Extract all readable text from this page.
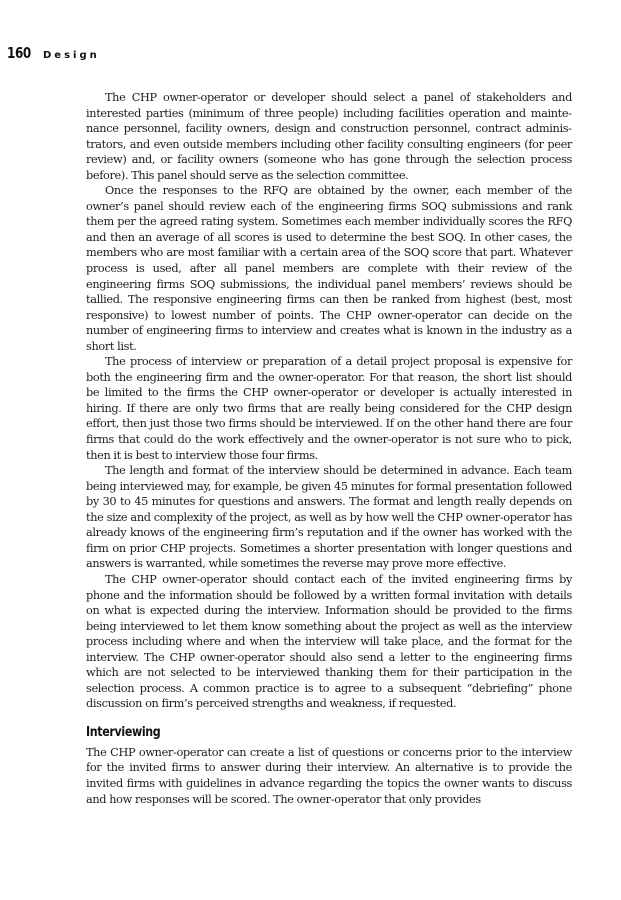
160 Design

The CHP owner-operator or developer should select a panel of stakeholders and interested parties (minimum of three people) including facilities operation and maintenance personnel, facility owners, design and construction personnel, contract administrators, and even outside members including other facility consulting engineers (for peer review) and, or facility owners (someone who has gone through the selection process before). This panel should serve as the selection committee.

Once the responses to the RFQ are obtained by the owner, each member of the owner’s panel should review each of the engineering firms SOQ submissions and rank them per the agreed rating system. Sometimes each member individually scores the RFQ and then an average of all scores is used to determine the best SOQ. In other cases, the members who are most familiar with a certain area of the SOQ score that part. Whatever process is used, after all panel members are complete with their review of the engineering firms SOQ submissions, the individual panel members’ reviews should be tallied. The responsive engineering firms can then be ranked from highest (best, most responsive) to lowest number of points. The CHP owner-operator can decide on the number of engineering firms to interview and creates what is known in the industry as a short list.

The process of interview or preparation of a detail project proposal is expensive for both the engineering firm and the owner-operator. For that reason, the short list should be limited to the firms the CHP owner-operator or developer is actually interested in hiring. If there are only two firms that are really being considered for the CHP design effort, then just those two firms should be interviewed. If on the other hand there are four firms that could do the work effectively and the owner-operator is not sure who to pick, then it is best to interview those four firms.

The length and format of the interview should be determined in advance. Each team being interviewed may, for example, be given 45 minutes for formal presentation followed by 30 to 45 minutes for questions and answers. The format and length really depends on the size and complexity of the project, as well as by how well the CHP owner-operator has already knows of the engineering firm’s reputation and if the owner has worked with the firm on prior CHP projects. Sometimes a shorter presentation with longer questions and answers is warranted, while sometimes the reverse may prove more effective.

The CHP owner-operator should contact each of the invited engineering firms by phone and the information should be followed by a written formal invitation with details on what is expected during the interview. Information should be provided to the firms being interviewed to let them know something about the project as well as the interview process including where and when the interview will take place, and the format for the interview. The CHP owner-operator should also send a letter to the engineering firms which are not selected to be interviewed thanking them for their participation in the selection process. A common practice is to agree to a subsequent “debriefing” phone discussion on firm’s perceived strengths and weakness, if requested.

Interviewing

The CHP owner-operator can create a list of questions or concerns prior to the interview for the invited firms to answer during their interview. An alternative is to provide the invited firms with guidelines in advance regarding the topics the owner wants to discuss and how responses will be scored. The owner-operator that only provides
